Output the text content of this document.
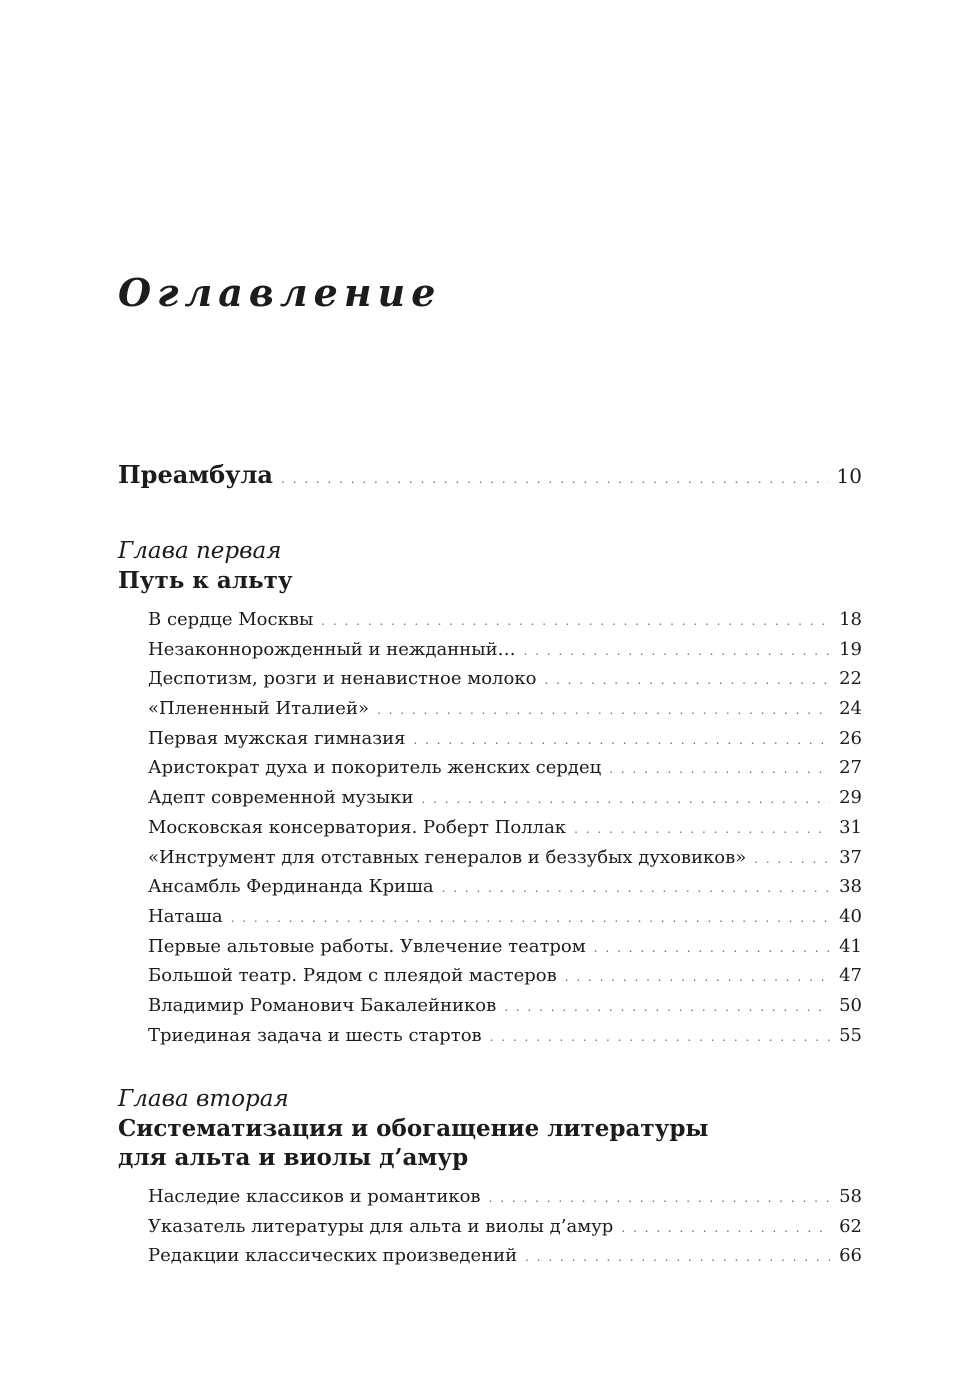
Оглавление
Преамбула . . .	10

Глава первая

Путь к альту
В сердце Москвы . . .	18
Незаконнорожденный и нежданный… . . .	19
Деспотизм, розги и ненавистное молоко . . .	22
«Плененный Италией» . . .	24
Первая мужская гимназия . . .	26
Аристократ духа и покоритель женских сердец . . .	27
Адепт современной музыки . . .	29
Московская консерватория. Роберт Поллак . . .	31
«Инструмент для отставных генералов и беззубых духовиков» . . .	37
Ансамбль Фердинанда Криша . . .	38
Наташа . . .	40
Первые альтовые работы. Увлечение театром . . .	41
Большой театр. Рядом с плеядой мастеров . . .	47
Владимир Романович Бакалейников . . .	50
Триединая задача и шесть стартов . . .	55

Глава вторая

Систематизация и обогащение литературы
для альта и виолы д’амур
Наследие классиков и романтиков . . .	58
Указатель литературы для альта и виолы д’амур . . .	62
Редакции классических произведений . . .	66
